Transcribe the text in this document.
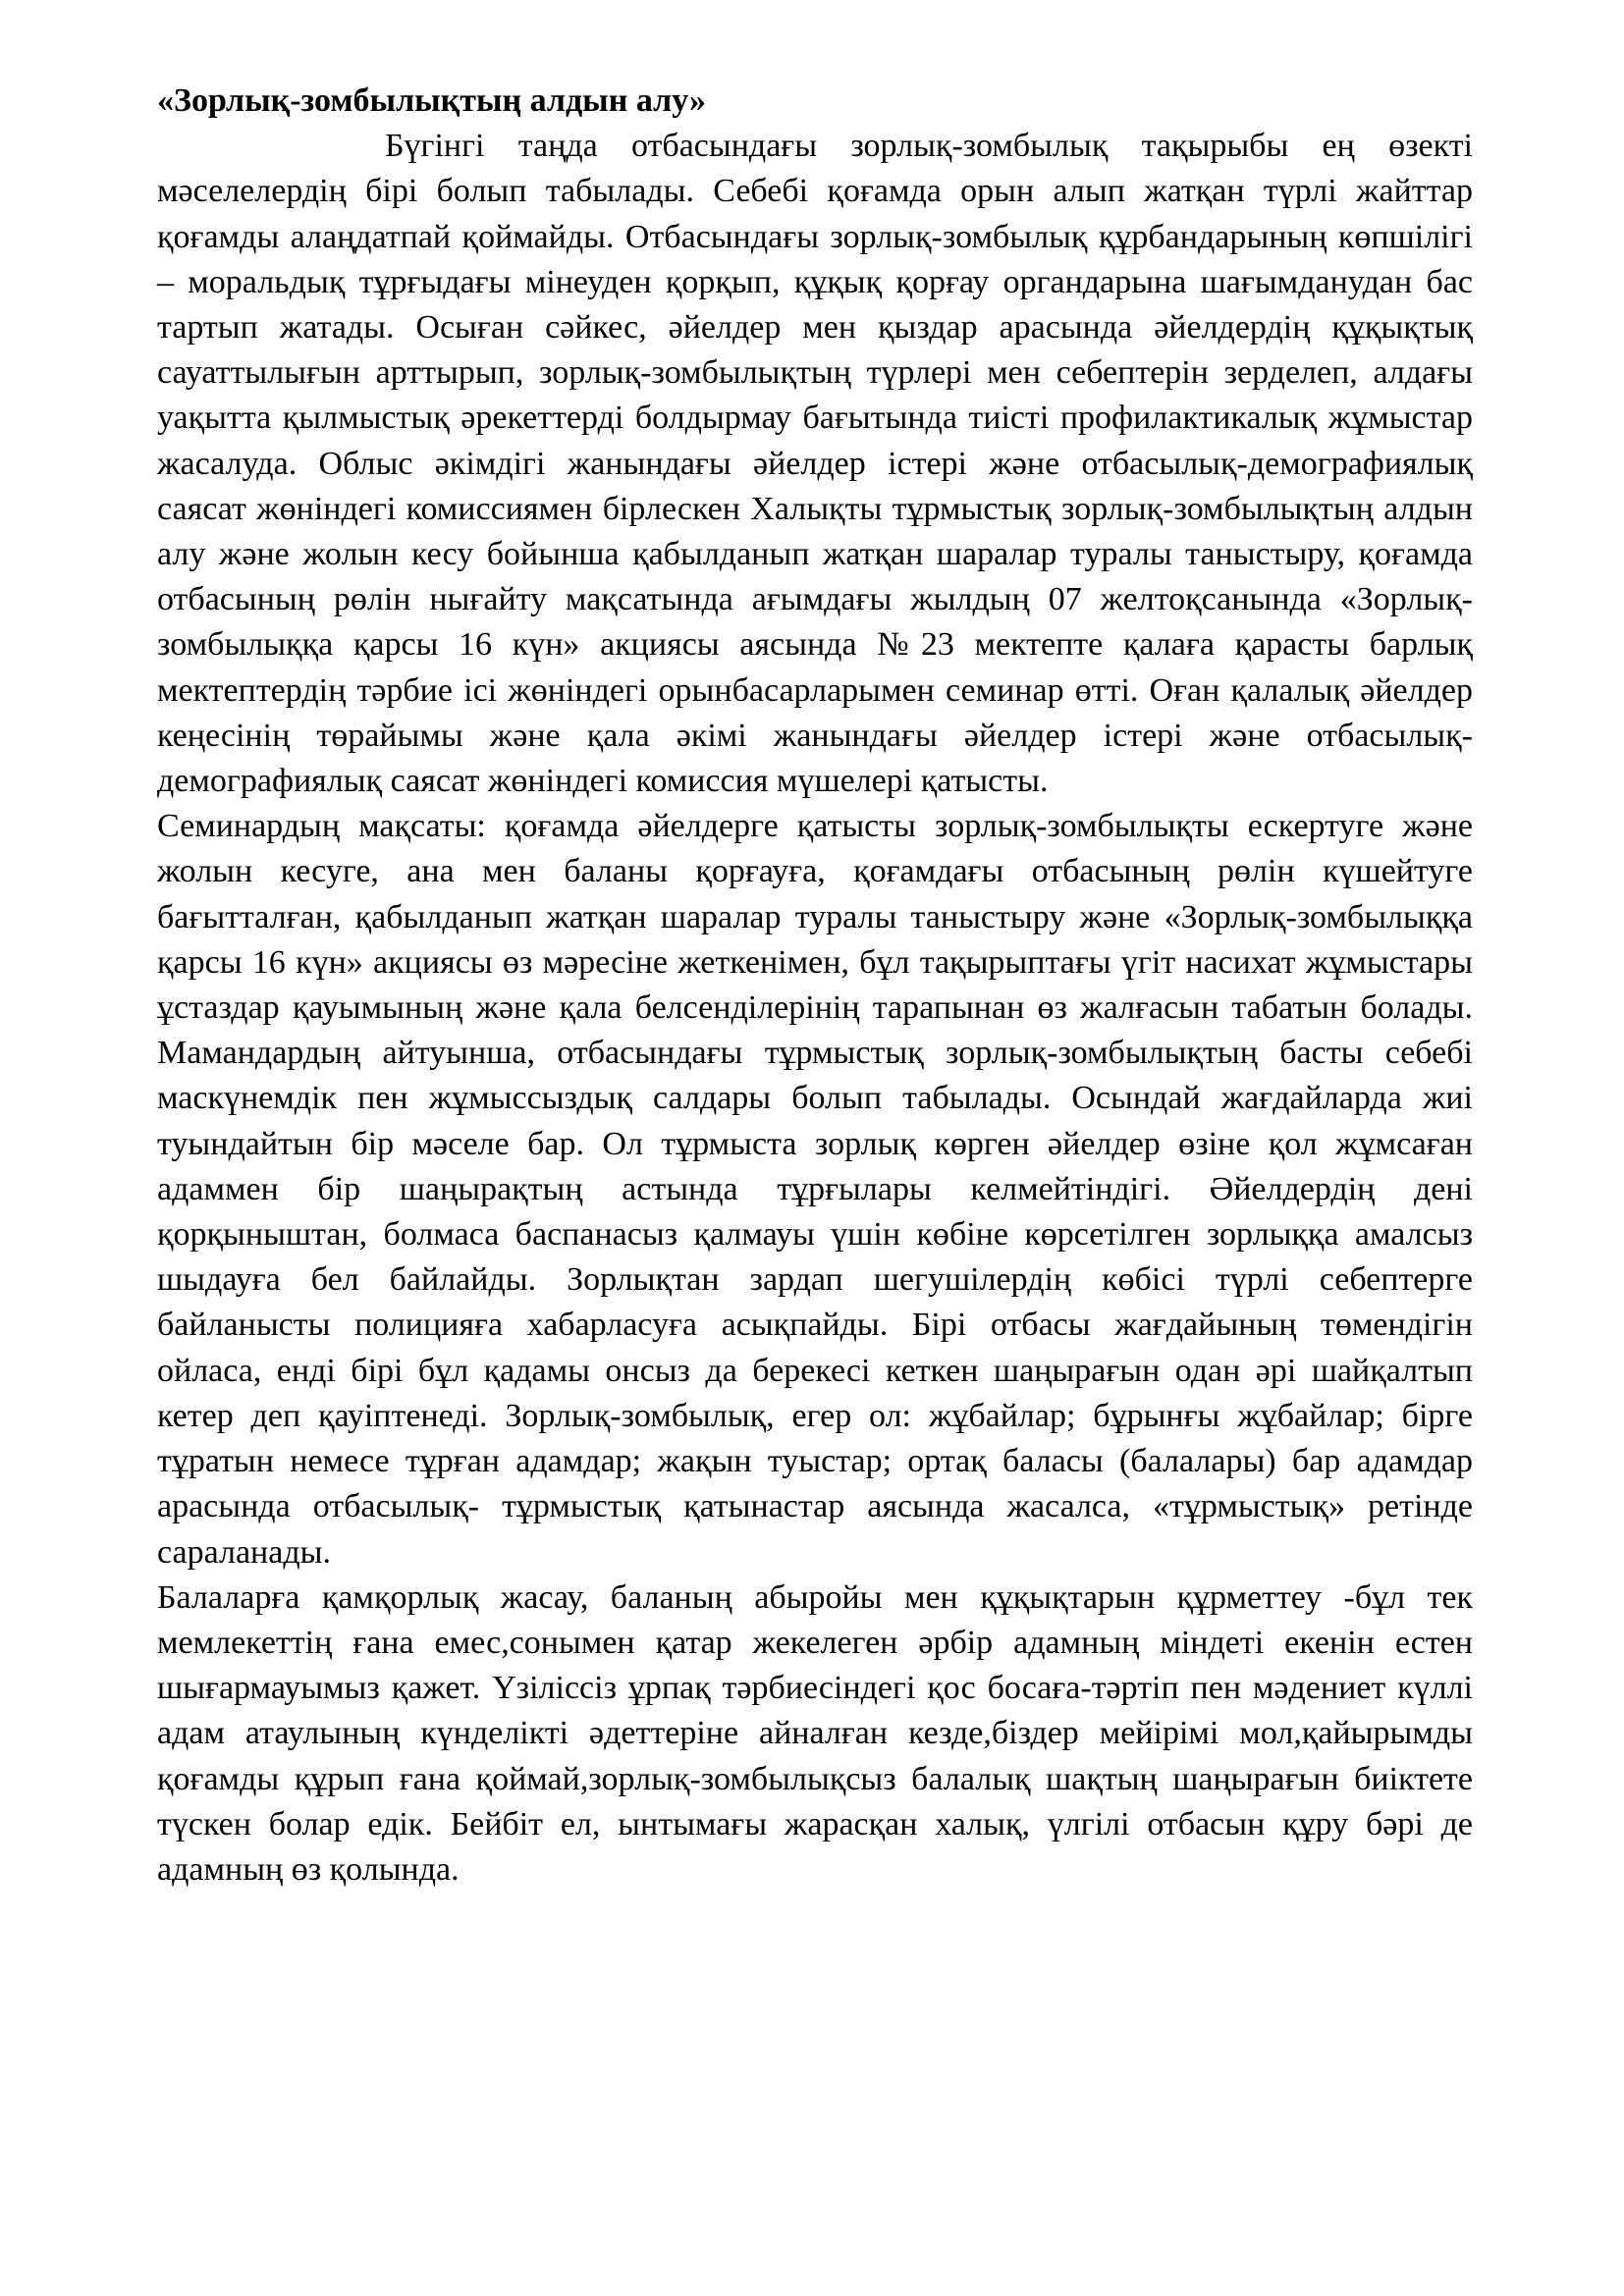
«Зорлық-зомбылықтың алдын алу»

Бүгінгі таңда отбасындағы зорлық-зомбылық тақырыбы ең өзекті мәселелердің бірі болып табылады. Себебі қоғамда орын алып жатқан түрлі жайттар қоғамды алаңдатпай қоймайды. Отбасындағы зорлық-зомбылық құрбандарының көпшілігі – моральдық тұрғыдағы мінеуден қорқып, құқық қорғау органдарына шағымданудан бас тартып жатады. Осыған сәйкес, әйелдер мен қыздар арасында әйелдердің құқықтық сауаттылығын арттырып, зорлық-зомбылықтың түрлері мен себептерін зерделеп, алдағы уақытта қылмыстық әрекеттерді болдырмау бағытында тиісті профилактикалық жұмыстар жасалуда. Облыс әкімдігі жанындағы әйелдер істері және отбасылық-демографиялық саясат жөніндегі комиссиямен бірлескен Халықты тұрмыстық зорлық-зомбылықтың алдын алу және жолын кесу бойынша қабылданып жатқан шаралар туралы таныстыру, қоғамда отбасының рөлін нығайту мақсатында ағымдағы жылдың 07 желтоқсанында «Зорлық-зомбылыққа қарсы 16 күн» акциясы аясында №23 мектепте қалаға қарасты барлық мектептердің тәрбие ісі жөніндегі орынбасарларымен семинар өтті. Оған қалалық әйелдер кеңесінің төрайымы және қала әкімі жанындағы әйелдер істері және отбасылық-демографиялық саясат жөніндегі комиссия мүшелері қатысты.

Семинардың мақсаты: қоғамда әйелдерге қатысты зорлық-зомбылықты ескертуге және жолын кесуге, ана мен баланы қорғауға, қоғамдағы отбасының рөлін күшейтуге бағытталған, қабылданып жатқан шаралар туралы таныстыру және «Зорлық-зомбылыққа қарсы 16 күн» акциясы өз мәресіне жеткенімен, бұл тақырыптағы үгіт насихат жұмыстары ұстаздар қауымының және қала белсенділерінің тарапынан өз жалғасын табатын болады. Мамандардың айтуынша, отбасындағы тұрмыстық зорлық-зомбылықтың басты себебі маскүнемдік пен жұмыссыздық салдары болып табылады. Осындай жағдайларда жиі туындайтын бір мәселе бар. Ол тұрмыста зорлық көрген әйелдер өзіне қол жұмсаған адаммен бір шаңырақтың астында тұрғылары келмейтіндігі. Әйелдердің дені қорқыныштан, болмаса баспанасыз қалмауы үшін көбіне көрсетілген зорлыққа амалсыз шыдауға бел байлайды. Зорлықтан зардап шегушілердің көбісі түрлі себептерге байланысты полицияға хабарласуға асықпайды. Бірі отбасы жағдайының төмендігін ойласа, енді бірі бұл қадамы онсыз да берекесі кеткен шаңырағын одан әрі шайқалтып кетер деп қауіптенеді. Зорлық-зомбылық, егер ол: жұбайлар; бұрынғы жұбайлар; бірге тұратын немесе тұрған адамдар; жақын туыстар; ортақ баласы (балалары) бар адамдар арасында отбасылық- тұрмыстық қатынастар аясында жасалса, «тұрмыстық» ретінде сараланады.

Балаларға қамқорлық жасау, баланың абыройы мен құқықтарын құрметтеу -бұл тек мемлекеттің ғана емес,сонымен қатар жекелеген әрбір адамның міндеті екенін естен шығармауымыз қажет. Үзіліссіз ұрпақ тәрбиесіндегі қос босаға-тәртіп пен мәдениет күллі адам атаулының күнделікті әдеттеріне айналған кезде,біздер мейірімі мол,қайырымды қоғамды құрып ғана қоймай,зорлық-зомбылықсыз балалық шақтың шаңырағын биіктете түскен болар едік. Бейбіт ел, ынтымағы жарасқан халық, үлгілі отбасын құру бәрі де адамның өз қолында.
